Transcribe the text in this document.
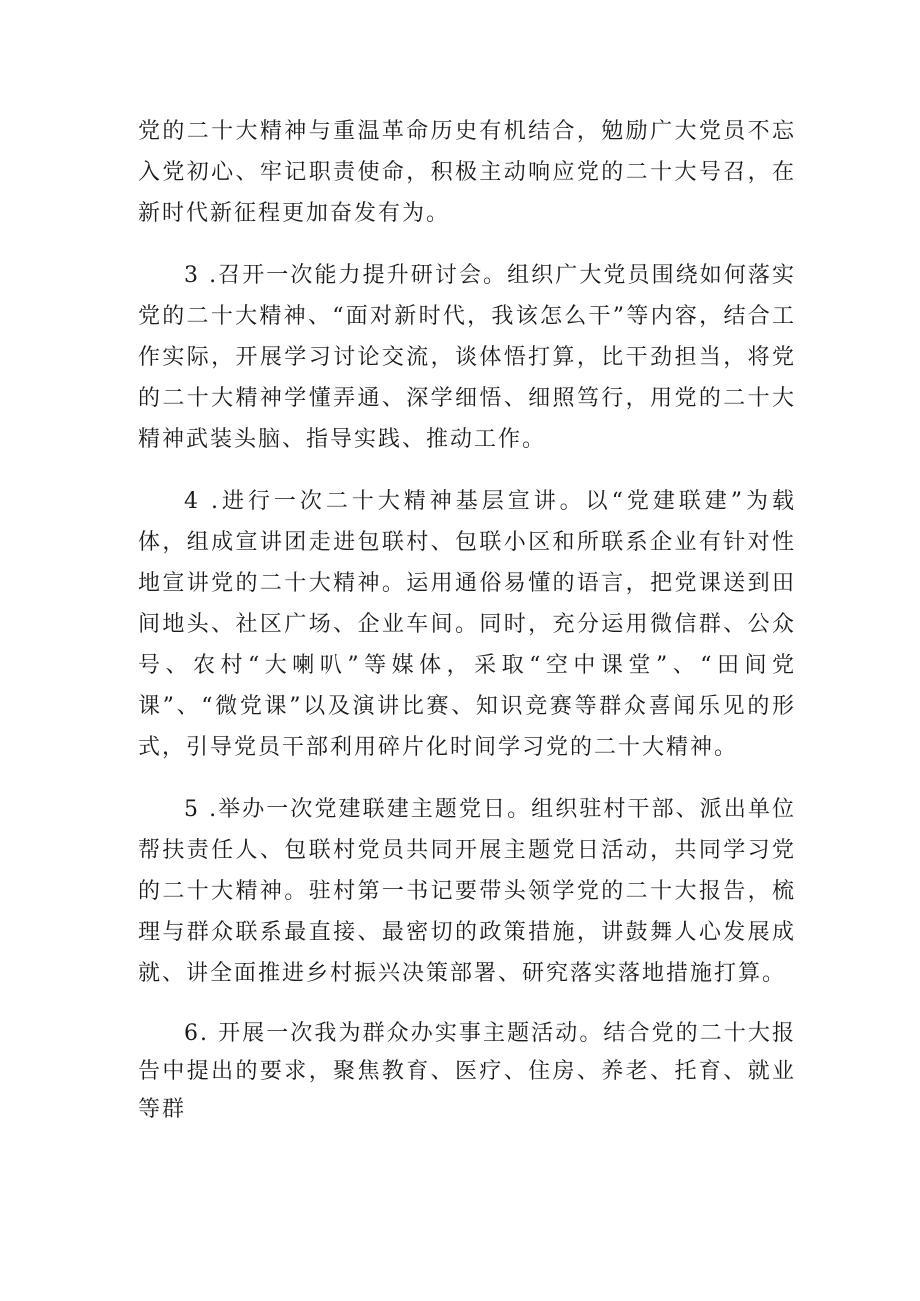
党的二十大精神与重温革命历史有机结合，勉励广大党员不忘入党初心、牢记职责使命，积极主动响应党的二十大号召，在新时代新征程更加奋发有为。

3 .召开一次能力提升研讨会。组织广大党员围绕如何落实党的二十大精神、“面对新时代，我该怎么干”等内容，结合工作实际，开展学习讨论交流，谈体悟打算，比干劲担当，将党的二十大精神学懂弄通、深学细悟、细照笃行，用党的二十大精神武装头脑、指导实践、推动工作。

4 .进行一次二十大精神基层宣讲。以“党建联建”为载体，组成宣讲团走进包联村、包联小区和所联系企业有针对性地宣讲党的二十大精神。运用通俗易懂的语言，把党课送到田间地头、社区广场、企业车间。同时，充分运用微信群、公众号、农村“大喇叭”等媒体，采取“空中课堂”、“田间党课”、“微党课”以及演讲比赛、知识竞赛等群众喜闻乐见的形式，引导党员干部利用碎片化时间学习党的二十大精神。

5 .举办一次党建联建主题党日。组织驻村干部、派出单位帮扶责任人、包联村党员共同开展主题党日活动，共同学习党的二十大精神。驻村第一书记要带头领学党的二十大报告，梳理与群众联系最直接、最密切的政策措施，讲鼓舞人心发展成就、讲全面推进乡村振兴决策部署、研究落实落地措施打算。

6. 开展一次我为群众办实事主题活动。结合党的二十大报告中提出的要求，聚焦教育、医疗、住房、养老、托育、就业等群
